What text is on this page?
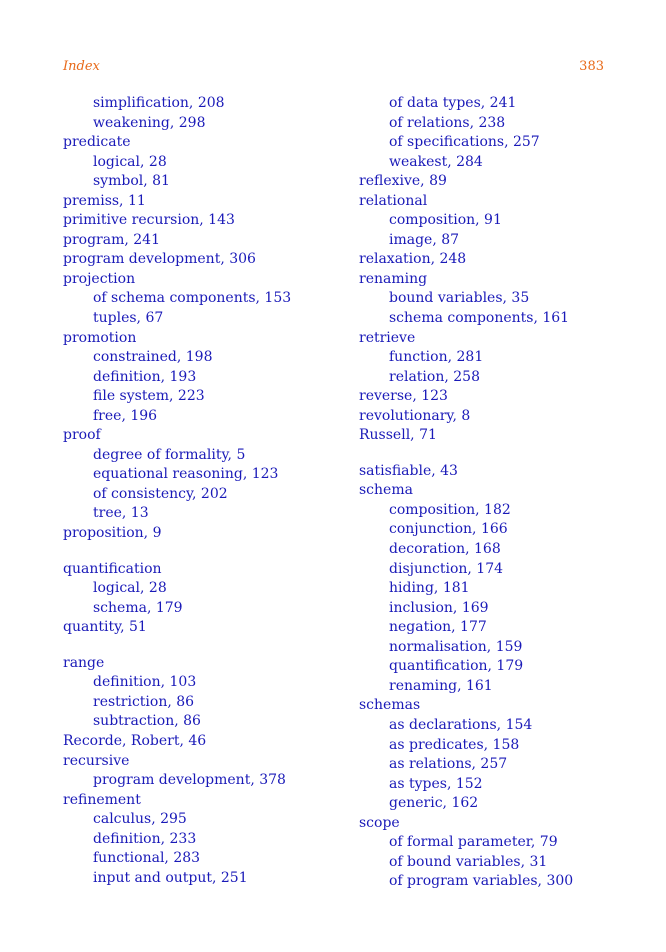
Index	383
simplification, 208
weakening, 298
predicate
logical, 28
symbol, 81
premiss, 11
primitive recursion, 143
program, 241
program development, 306
projection
of schema components, 153
tuples, 67
promotion
constrained, 198
definition, 193
file system, 223
free, 196
proof
degree of formality, 5
equational reasoning, 123
of consistency, 202
tree, 13
proposition, 9
quantification
logical, 28
schema, 179
quantity, 51
range
definition, 103
restriction, 86
subtraction, 86
Recorde, Robert, 46
recursive
program development, 378
refinement
calculus, 295
definition, 233
functional, 283
input and output, 251
of data types, 241
of relations, 238
of specifications, 257
weakest, 284
reflexive, 89
relational
composition, 91
image, 87
relaxation, 248
renaming
bound variables, 35
schema components, 161
retrieve
function, 281
relation, 258
reverse, 123
revolutionary, 8
Russell, 71
satisfiable, 43
schema
composition, 182
conjunction, 166
decoration, 168
disjunction, 174
hiding, 181
inclusion, 169
negation, 177
normalisation, 159
quantification, 179
renaming, 161
schemas
as declarations, 154
as predicates, 158
as relations, 257
as types, 152
generic, 162
scope
of formal parameter, 79
of bound variables, 31
of program variables, 300
